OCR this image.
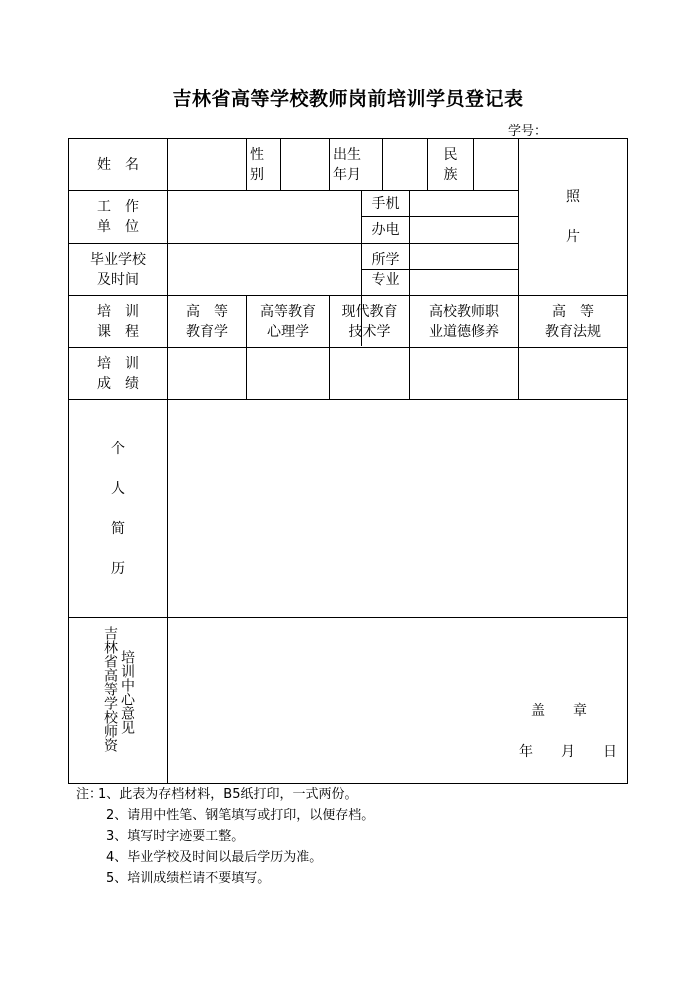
吉林省高等学校教师岗前培训学员登记表
学号：
姓　名
性
别
出生
年月
民
族
照

片
工　作
单　位
手机
办电
毕业学校
及时间
所学
专业
培　训
课　程
高　等
教育学
高等教育
心理学
现代教育
技术学
高校教师职
业道德修养
高　等
教育法规
培　训
成　绩
个

人

简

历
吉林省高等学校师资 培训中心意见	盖　　章
年　　月　　日
注：1、此表为存档材料，B5纸打印，一式两份。
2、请用中性笔、钢笔填写或打印，以便存档。
3、填写时字迹要工整。
4、毕业学校及时间以最后学历为准。
5、培训成绩栏请不要填写。
